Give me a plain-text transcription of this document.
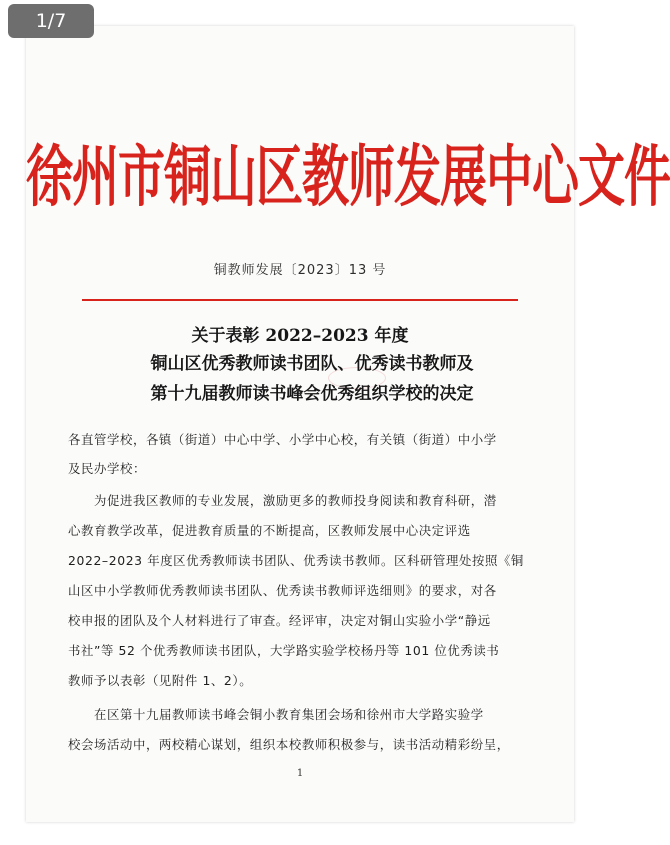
1/7
徐州市铜山区教师发展中心文件
铜教师发展〔2023〕13 号
关于表彰 2022–2023 年度
铜山区优秀教师读书团队、优秀读书教师及
第十九届教师读书峰会优秀组织学校的决定
各直管学校，各镇（街道）中心中学、小学中心校，有关镇（街道）中小学
及民办学校：
为促进我区教师的专业发展，激励更多的教师投身阅读和教育科研，潜
心教育教学改革，促进教育质量的不断提高，区教师发展中心决定评选
2022–2023 年度区优秀教师读书团队、优秀读书教师。区科研管理处按照《铜
山区中小学教师优秀教师读书团队、优秀读书教师评选细则》的要求，对各
校申报的团队及个人材料进行了审查。经评审，决定对铜山实验小学“静远
书社”等 52 个优秀教师读书团队，大学路实验学校杨丹等 101 位优秀读书
教师予以表彰（见附件 1、2）。
在区第十九届教师读书峰会铜小教育集团会场和徐州市大学路实验学
校会场活动中，两校精心谋划，组织本校教师积极参与，读书活动精彩纷呈，
1
